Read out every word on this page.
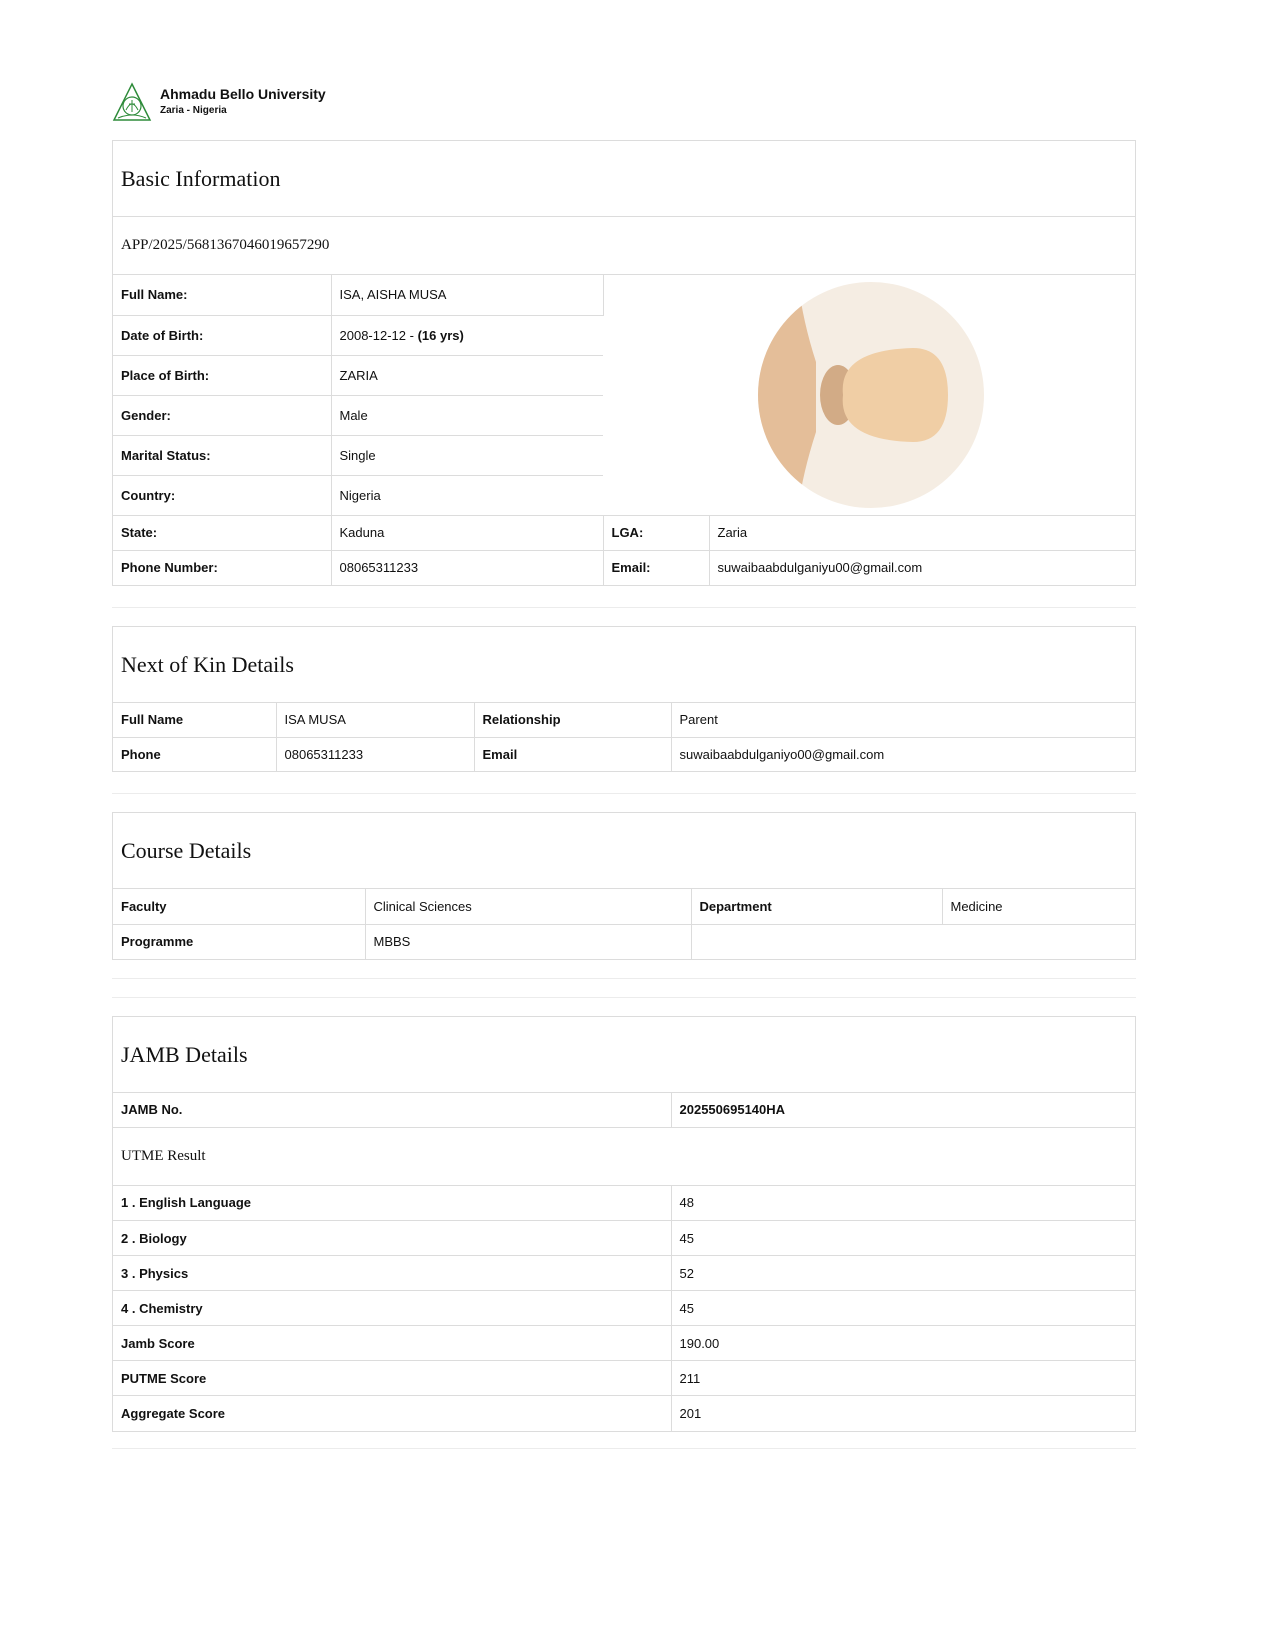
Ahmadu Bello University
Zaria - Nigeria
Basic Information
APP/2025/5681367046019657290
Full Name:	ISA, AISHA MUSA	

Date of Birth:	2008-12-12 - (16 yrs)		
Place of Birth:	ZARIA		
Gender:	Male		
Marital Status:	Single		
Country:	Nigeria		
State:	Kaduna	LGA:	Zaria
Phone Number:	08065311233	Email:	suwaibaabdulganiyu00@gmail.com
Next of Kin Details
Full Name	ISA MUSA	Relationship	Parent
Phone	08065311233	Email	suwaibaabdulganiyo00@gmail.com
Course Details
Faculty	Clinical Sciences	Department	Medicine
Programme	MBBS		
JAMB Details
JAMB No.	202550695140HA
UTME Result
1 . English Language	48
2 . Biology	45
3 . Physics	52
4 . Chemistry	45
Jamb Score	190.00
PUTME Score	211
Aggregate Score	201
